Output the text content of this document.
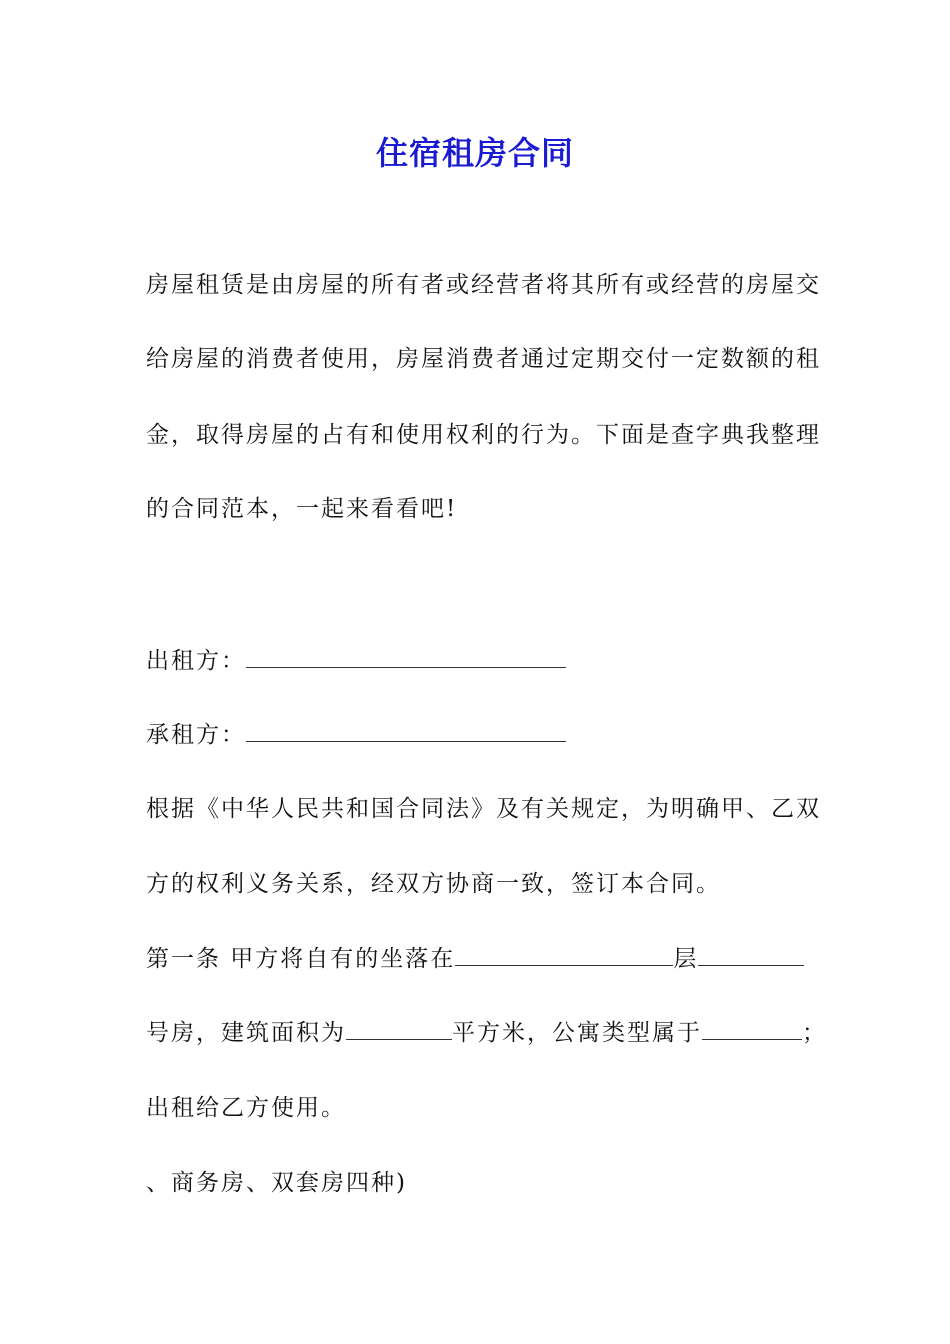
住宿租房合同
房屋租赁是由房屋的所有者或经营者将其所有或经营的房屋交
给房屋的消费者使用，房屋消费者通过定期交付一定数额的租
金，取得房屋的占有和使用权利的行为。下面是查字典我整理
的合同范本，一起来看看吧!
出租方：
承租方：
根据《中华人民共和国合同法》及有关规定，为明确甲、乙双
方的权利义务关系，经双方协商一致，签订本合同。
第一条 甲方将自有的坐落在	层
号房，建筑面积为	平方米，公寓类型属于	；
出租给乙方使用。
、商务房、双套房四种)
